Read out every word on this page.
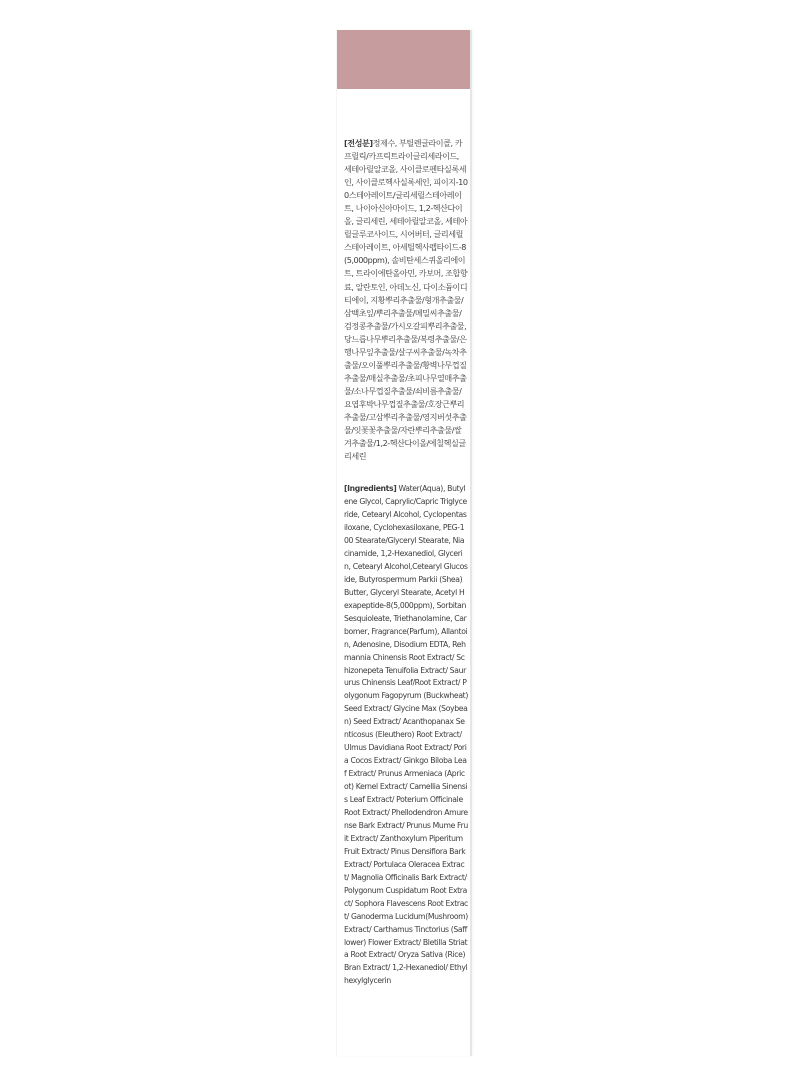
[전성분]정제수, 부틸렌글라이콜, 카프릴릭/카프릭트라이글리세라이드, 세테아릴알코올, 사이클로펜타실록세인, 사이클로헥사실록세인, 피이지-100스테아레이트/글리세릴스테아레이트, 나이아신아마이드, 1,2-헥산다이올, 글리세린, 세테아릴알코올, 세테아릴글루코사이드, 시어버터, 글리세릴스테아레이트, 아세틸헥사펩타이드-8(5,000ppm), 솔비탄세스퀴올리에이트, 트라이에탄올아민, 카보머, 조합향료, 알란토인, 아데노신, 다이소듐이디티에이, 지황뿌리추출물/형개추출물/삼백초잎/뿌리추출물/메밀씨추출물/검정콩추출물/가시오갈피뿌리추출물, 당느릅나무뿌리추출물/복령추출물/은행나무잎추출물/살구씨추출물/녹차추출물/오이풀뿌리추출물/황벽나무껍질추출물/매실추출물/초피나무열매추출물/소나무껍질추출물/쇠비름추출물/요엽후박나무껍질추출물/호장근뿌리추출물/고삼뿌리추출물/영지버섯추출물/잇꽃꽃추출물/자란뿌리추출물/쌀겨추출물/1,2-헥산다이올/에칠헥실글리세린

[Ingredients] Water(Aqua), Butylene Glycol, Caprylic/Capric Triglyceride, Cetearyl Alcohol, Cyclopentasiloxane, Cyclohexasiloxane, PEG-100 Stearate/Glyceryl Stearate, Niacinamide, 1,2-Hexanediol, Glycerin, Cetearyl Alcohol,Cetearyl Glucoside, Butyrospermum Parkii (Shea) Butter, Glyceryl Stearate, Acetyl Hexapeptide-8(5,000ppm), Sorbitan Sesquioleate, Triethanolamine, Carbomer, Fragrance(Parfum), Allantoin, Adenosine, Disodium EDTA, Rehmannia Chinensis Root Extract/ Schizonepeta Tenuifolia Extract/ Saururus Chinensis Leaf/Root Extract/ Polygonum Fagopyrum (Buckwheat) Seed Extract/ Glycine Max (Soybean) Seed Extract/ Acanthopanax Senticosus (Eleuthero) Root Extract/ Ulmus Davidiana Root Extract/ Poria Cocos Extract/ Ginkgo Biloba Leaf Extract/ Prunus Armeniaca (Apricot) Kernel Extract/ Camellia Sinensis Leaf Extract/ Poterium Officinale Root Extract/ Phellodendron Amurense Bark Extract/ Prunus Mume Fruit Extract/ Zanthoxylum Piperitum Fruit Extract/ Pinus Densiflora Bark Extract/ Portulaca Oleracea Extract/ Magnolia Officinalis Bark Extract/ Polygonum Cuspidatum Root Extract/ Sophora Flavescens Root Extract/ Ganoderma Lucidum(Mushroom) Extract/ Carthamus Tinctorius (Safflower) Flower Extract/ Bletilla Striata Root Extract/ Oryza Sativa (Rice) Bran Extract/ 1,2-Hexanediol/ Ethylhexylglycerin
